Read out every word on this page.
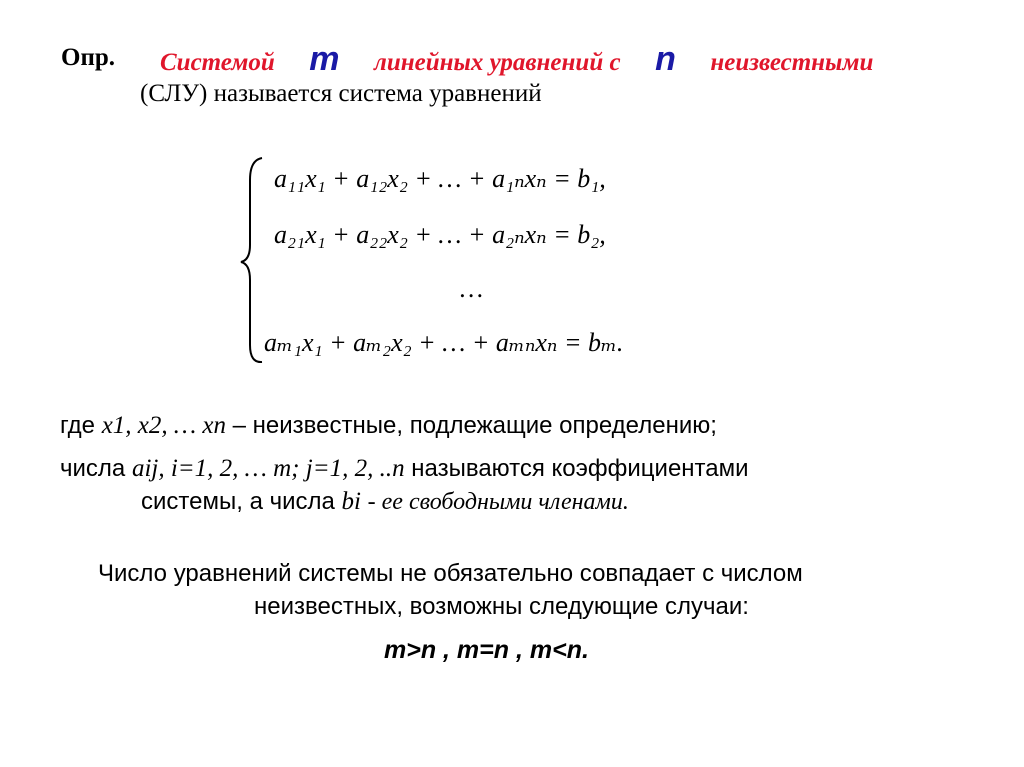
Опр. Системой m линейных уравнений с n неизвестными
(СЛУ) называется система уравнений
a₁₁x₁ + a₁₂x₂ + … + a₁ₙxₙ = b₁,
a₂₁x₁ + a₂₂x₂ + … + a₂ₙxₙ = b₂,
…
aₘ₁x₁ + aₘ₂x₂ + … + aₘₙxₙ = bₘ.
где x1, x2, … xn – неизвестные, подлежащие определению;
числа aij, i=1, 2, … m; j=1, 2, ..n называются коэффициентами
системы, а числа bi - ее свободными членами.
Число уравнений системы не обязательно совпадает с числом
неизвестных, возможны следующие случаи:
m>n , m=n , m<n.
